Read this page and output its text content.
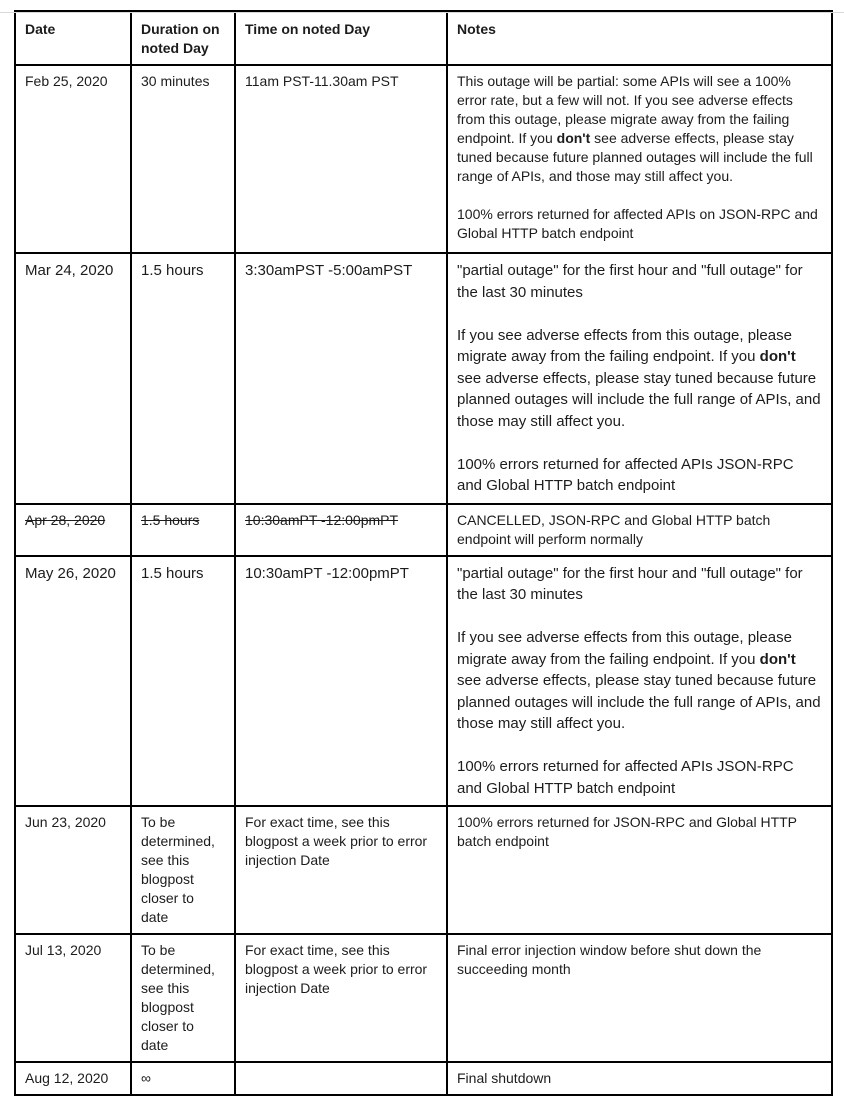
Date	Duration on noted Day	Time on noted Day	Notes
Feb 25, 2020	30 minutes	11am PST-11.30am PST	This outage will be partial: some APIs will see a 100% error rate, but a few will not. If you see adverse effects from this outage, please migrate away from the failing endpoint. If you don't see adverse effects, please stay tuned because future planned outages will include the full range of APIs, and those may still affect you.

100% errors returned for affected APIs on JSON-RPC and Global HTTP batch endpoint

Mar 24, 2020	1.5 hours	3:30amPST -5:00amPST	"partial outage" for the first hour and "full outage" for the last 30 minutes

If you see adverse effects from this outage, please migrate away from the failing endpoint. If you don't see adverse effects, please stay tuned because future planned outages will include the full range of APIs, and those may still affect you.

100% errors returned for affected APIs JSON-RPC and Global HTTP batch endpoint

Apr 28, 2020	1.5 hours	10:30amPT -12:00pmPT	CANCELLED, JSON-RPC and Global HTTP batch endpoint will perform normally

May 26, 2020	1.5 hours	10:30amPT -12:00pmPT	"partial outage" for the first hour and "full outage" for the last 30 minutes

If you see adverse effects from this outage, please migrate away from the failing endpoint. If you don't see adverse effects, please stay tuned because future planned outages will include the full range of APIs, and those may still affect you.

100% errors returned for affected APIs JSON-RPC and Global HTTP batch endpoint

Jun 23, 2020	To be determined, see this blogpost closer to date	For exact time, see this blogpost a week prior to error injection Date	100% errors returned for JSON-RPC and Global HTTP batch endpoint

Jul 13, 2020	To be determined, see this blogpost closer to date	For exact time, see this blogpost a week prior to error injection Date	Final error injection window before shut down the succeeding month

Aug 12, 2020	∞		Final shutdown
